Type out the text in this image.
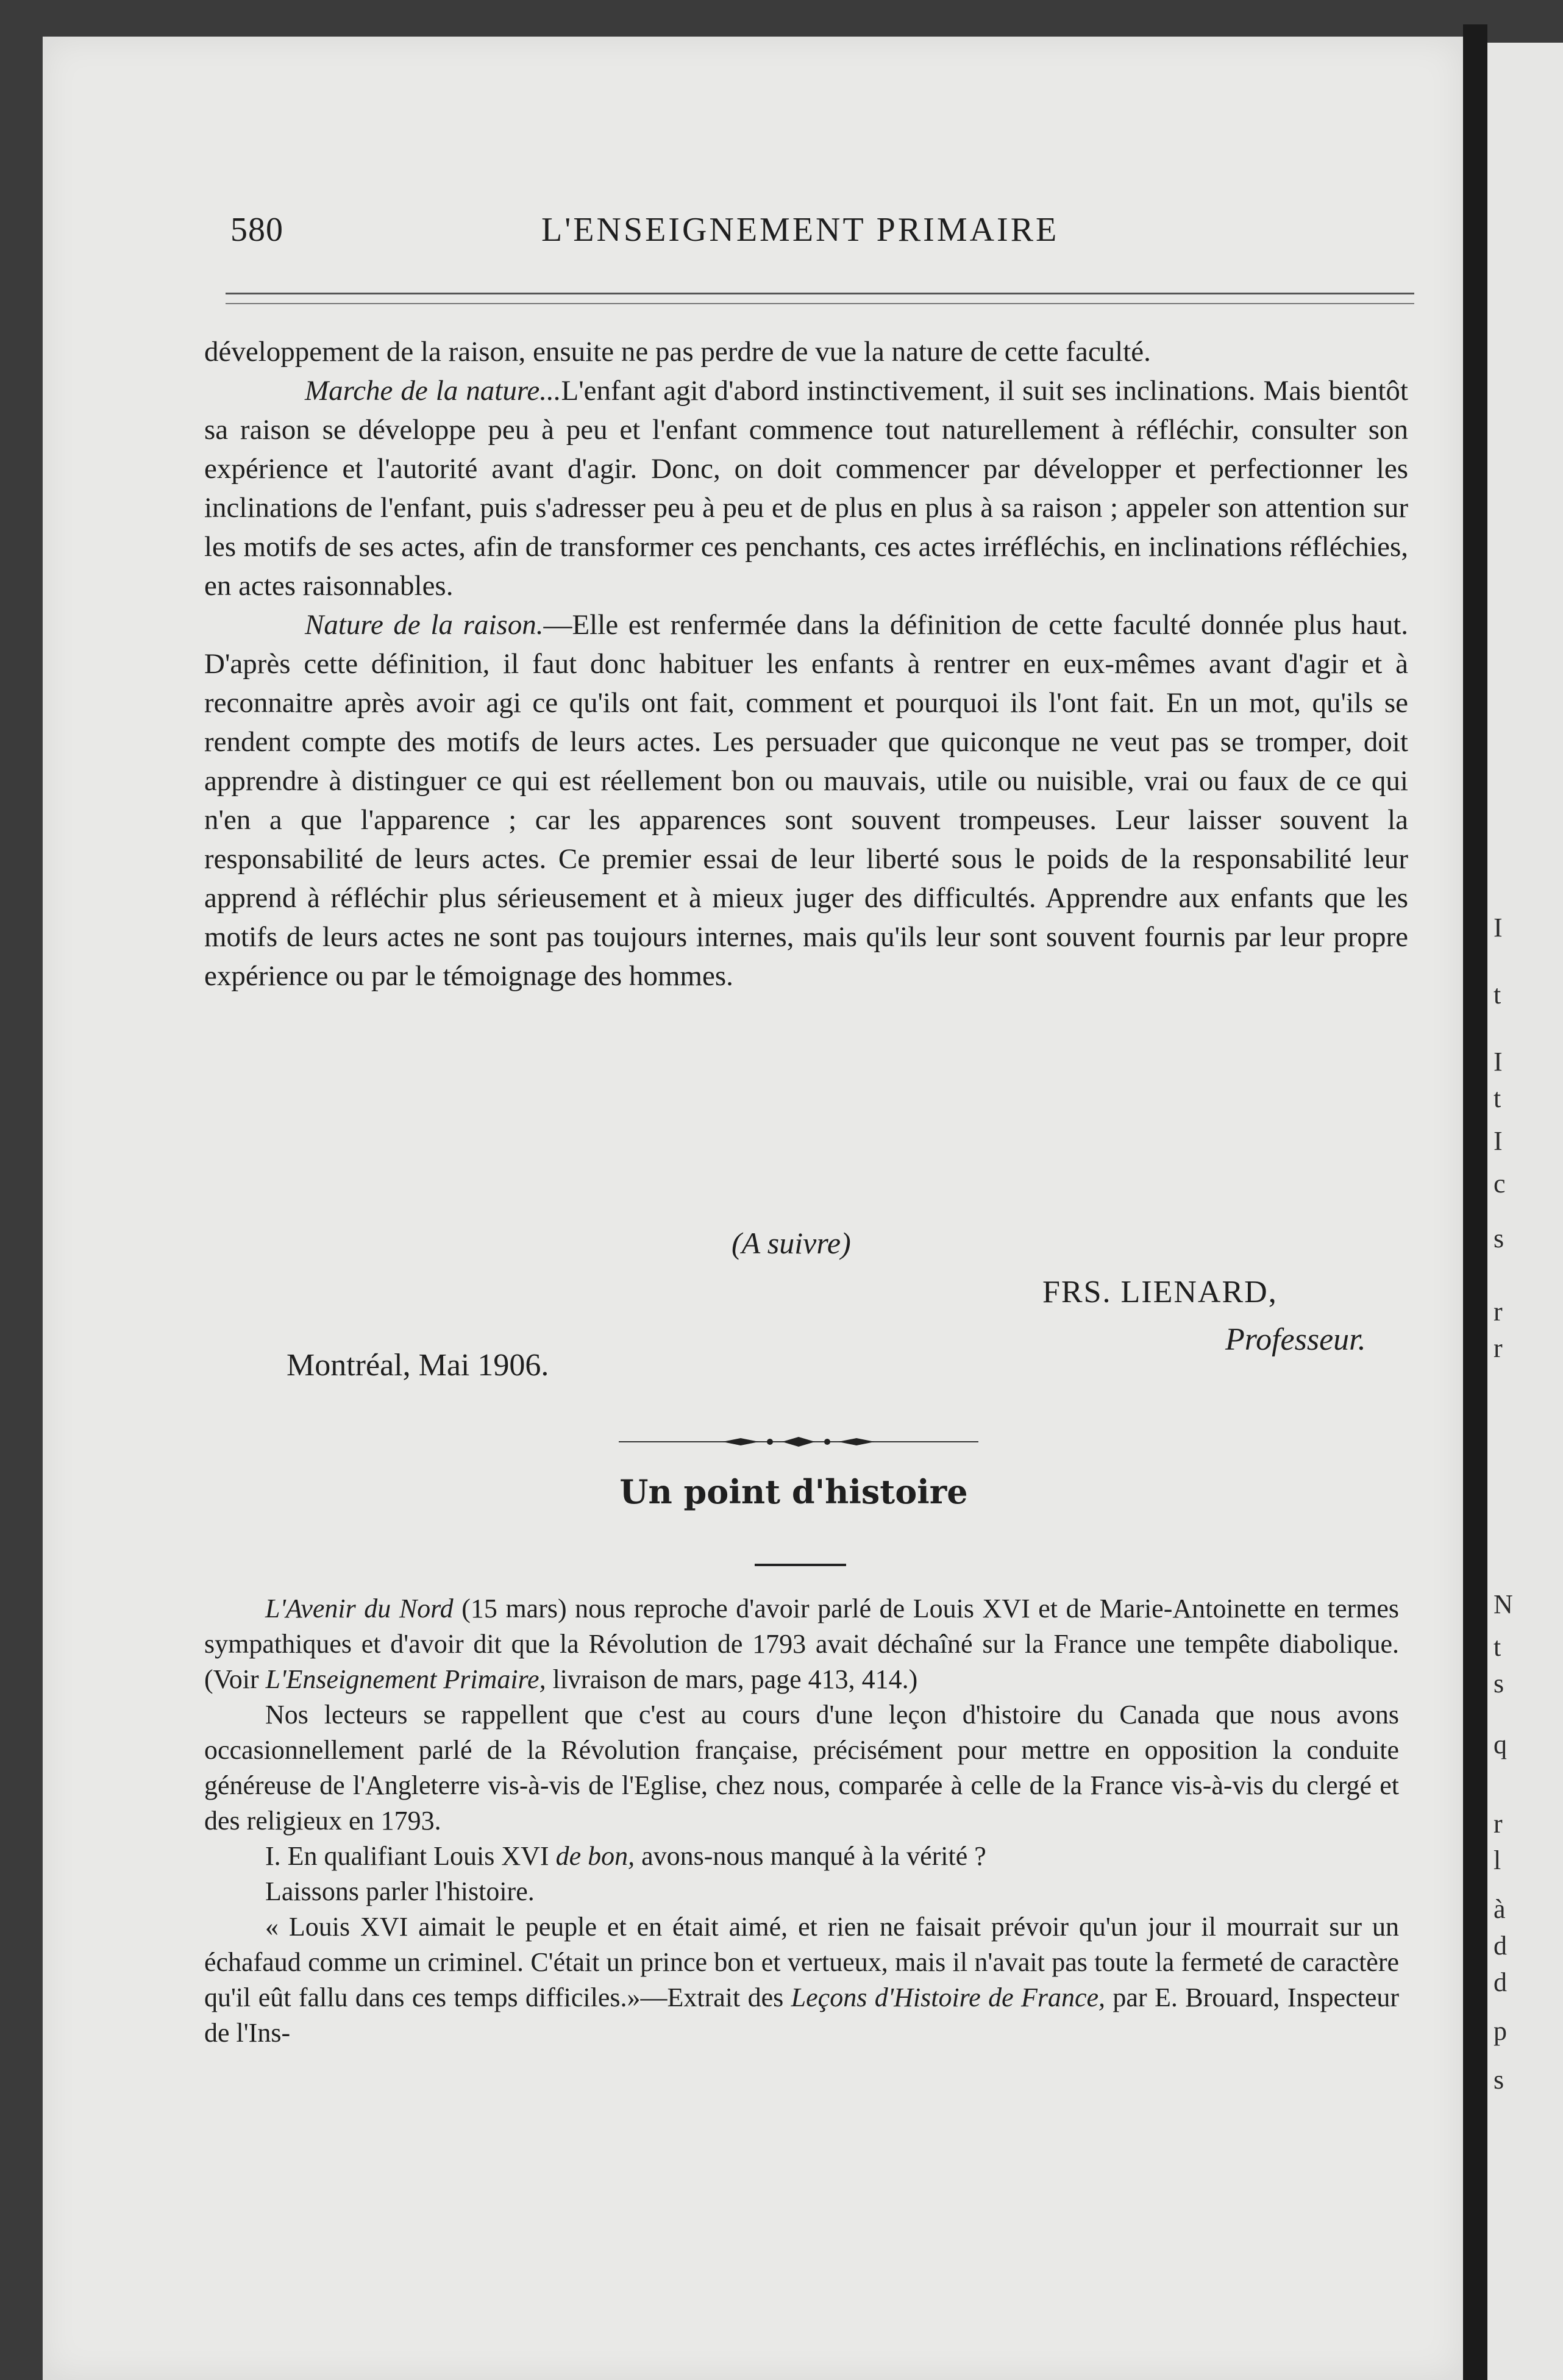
I
t
I
t
I
c
s
r
r
N
t
s
q
r
l
à
d
d
p
s
580	L'ENSEIGNEMENT PRIMAIRE

développement de la raison, ensuite ne pas perdre de vue la nature de cette faculté.

Marche de la nature...L'enfant agit d'abord instinctivement, il suit ses inclinations. Mais bientôt sa raison se développe peu à peu et l'enfant commence tout naturellement à réfléchir, consulter son expérience et l'autorité avant d'agir. Donc, on doit commencer par développer et perfectionner les inclinations de l'enfant, puis s'adresser peu à peu et de plus en plus à sa raison ; appeler son attention sur les motifs de ses actes, afin de transformer ces penchants, ces actes irréfléchis, en inclinations réfléchies, en actes raisonnables.

Nature de la raison.—Elle est renfermée dans la définition de cette faculté donnée plus haut. D'après cette définition, il faut donc habituer les enfants à rentrer en eux-mêmes avant d'agir et à reconnaitre après avoir agi ce qu'ils ont fait, comment et pourquoi ils l'ont fait. En un mot, qu'ils se rendent compte des motifs de leurs actes. Les persuader que quiconque ne veut pas se tromper, doit apprendre à distinguer ce qui est réellement bon ou mauvais, utile ou nuisible, vrai ou faux de ce qui n'en a que l'apparence ; car les apparences sont souvent trompeuses. Leur laisser souvent la responsabilité de leurs actes. Ce premier essai de leur liberté sous le poids de la responsabilité leur apprend à réfléchir plus sérieusement et à mieux juger des difficultés. Apprendre aux enfants que les motifs de leurs actes ne sont pas toujours internes, mais qu'ils leur sont souvent fournis par leur propre expérience ou par le témoignage des hommes.

(A suivre)
FRS. LIENARD,
Professeur.
Montréal, Mai 1906.
Un point d'histoire

L'Avenir du Nord (15 mars) nous reproche d'avoir parlé de Louis XVI et de Marie-Antoinette en termes sympathiques et d'avoir dit que la Révolution de 1793 avait déchaîné sur la France une tempête diabolique. (Voir L'Enseignement Primaire, livraison de mars, page 413, 414.)

Nos lecteurs se rappellent que c'est au cours d'une leçon d'histoire du Canada que nous avons occasionnellement parlé de la Révolution française, précisément pour mettre en opposition la conduite généreuse de l'Angleterre vis-à-vis de l'Eglise, chez nous, comparée à celle de la France vis-à-vis du clergé et des religieux en 1793.

I. En qualifiant Louis XVI de bon, avons-nous manqué à la vérité ?

Laissons parler l'histoire.

« Louis XVI aimait le peuple et en était aimé, et rien ne faisait prévoir qu'un jour il mourrait sur un échafaud comme un criminel. C'était un prince bon et vertueux, mais il n'avait pas toute la fermeté de caractère qu'il eût fallu dans ces temps difficiles.»—Extrait des Leçons d'Histoire de France, par E. Brouard, Inspecteur de l'Ins-
